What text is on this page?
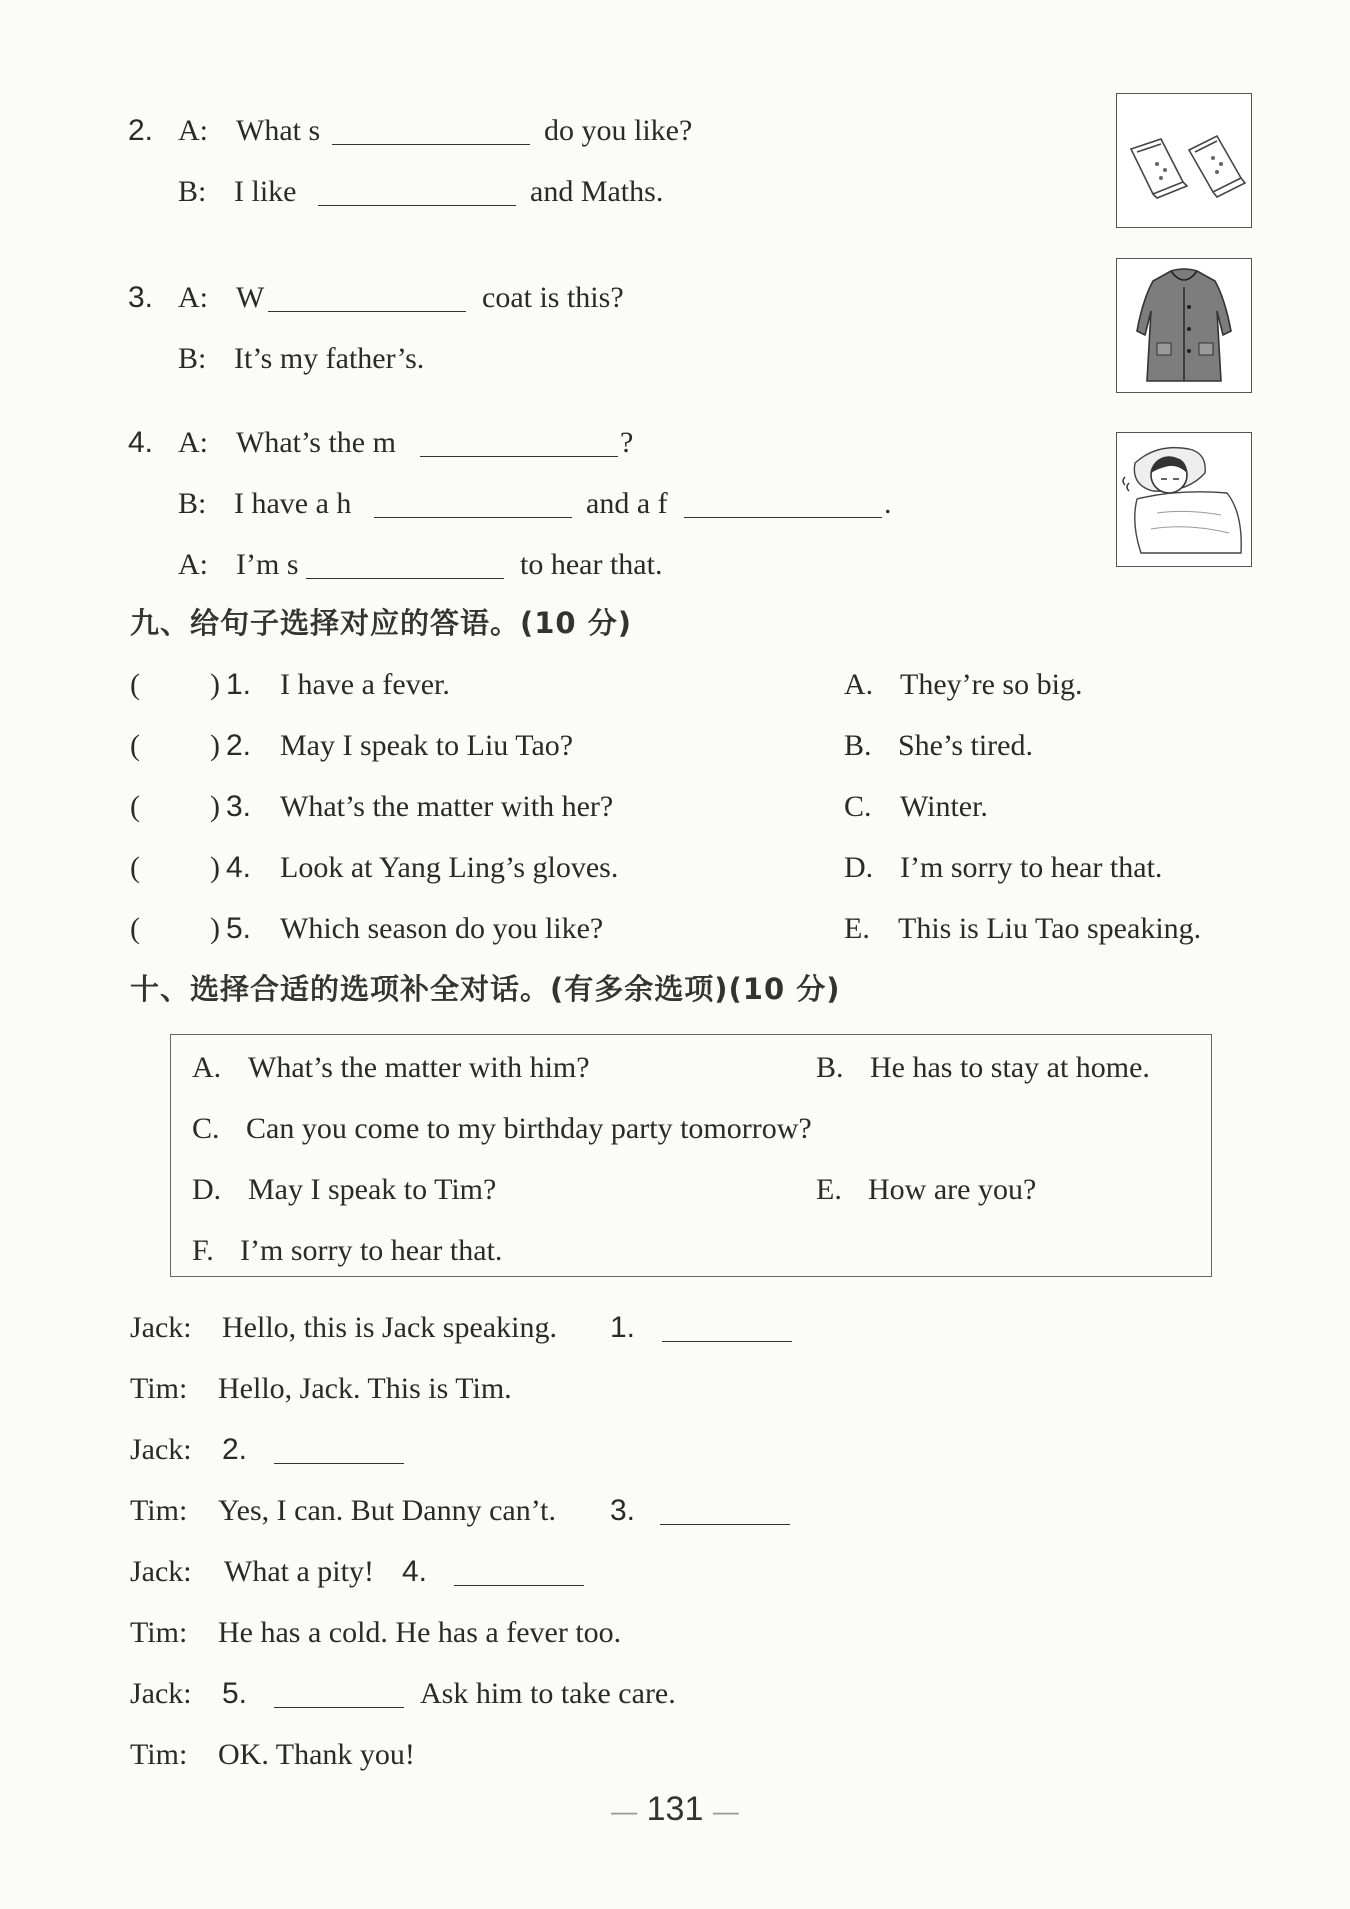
2. A: What s	do you like?
B: I like	and Maths.
3. A: W	coat is this?
B: It’s my father’s.
4. A: What’s the m	?
B: I have a h	and a f	.
A: I’m s	to hear that.
九、给句子选择对应的答语。(10 分)
( ) 1. I have a fever.	A. They’re so big.
( ) 2. May I speak to Liu Tao?	B. She’s tired.
( ) 3. What’s the matter with her?	C. Winter.
( ) 4. Look at Yang Ling’s gloves.	D. I’m sorry to hear that.
( ) 5. Which season do you like?	E. This is Liu Tao speaking.
十、选择合适的选项补全对话。(有多余选项)(10 分)
A. What’s the matter with him?	B. He has to stay at home.
C. Can you come to my birthday party tomorrow?
D. May I speak to Tim?	E. How are you?
F. I’m sorry to hear that.
Jack: Hello, this is Jack speaking. 1.
Tim: Hello, Jack. This is Tim.
Jack: 2.
Tim: Yes, I can. But Danny can’t. 3.
Jack: What a pity! 4.
Tim: He has a cold. He has a fever too.
Jack: 5.	Ask him to take care.
Tim: OK. Thank you!
— 131 —
